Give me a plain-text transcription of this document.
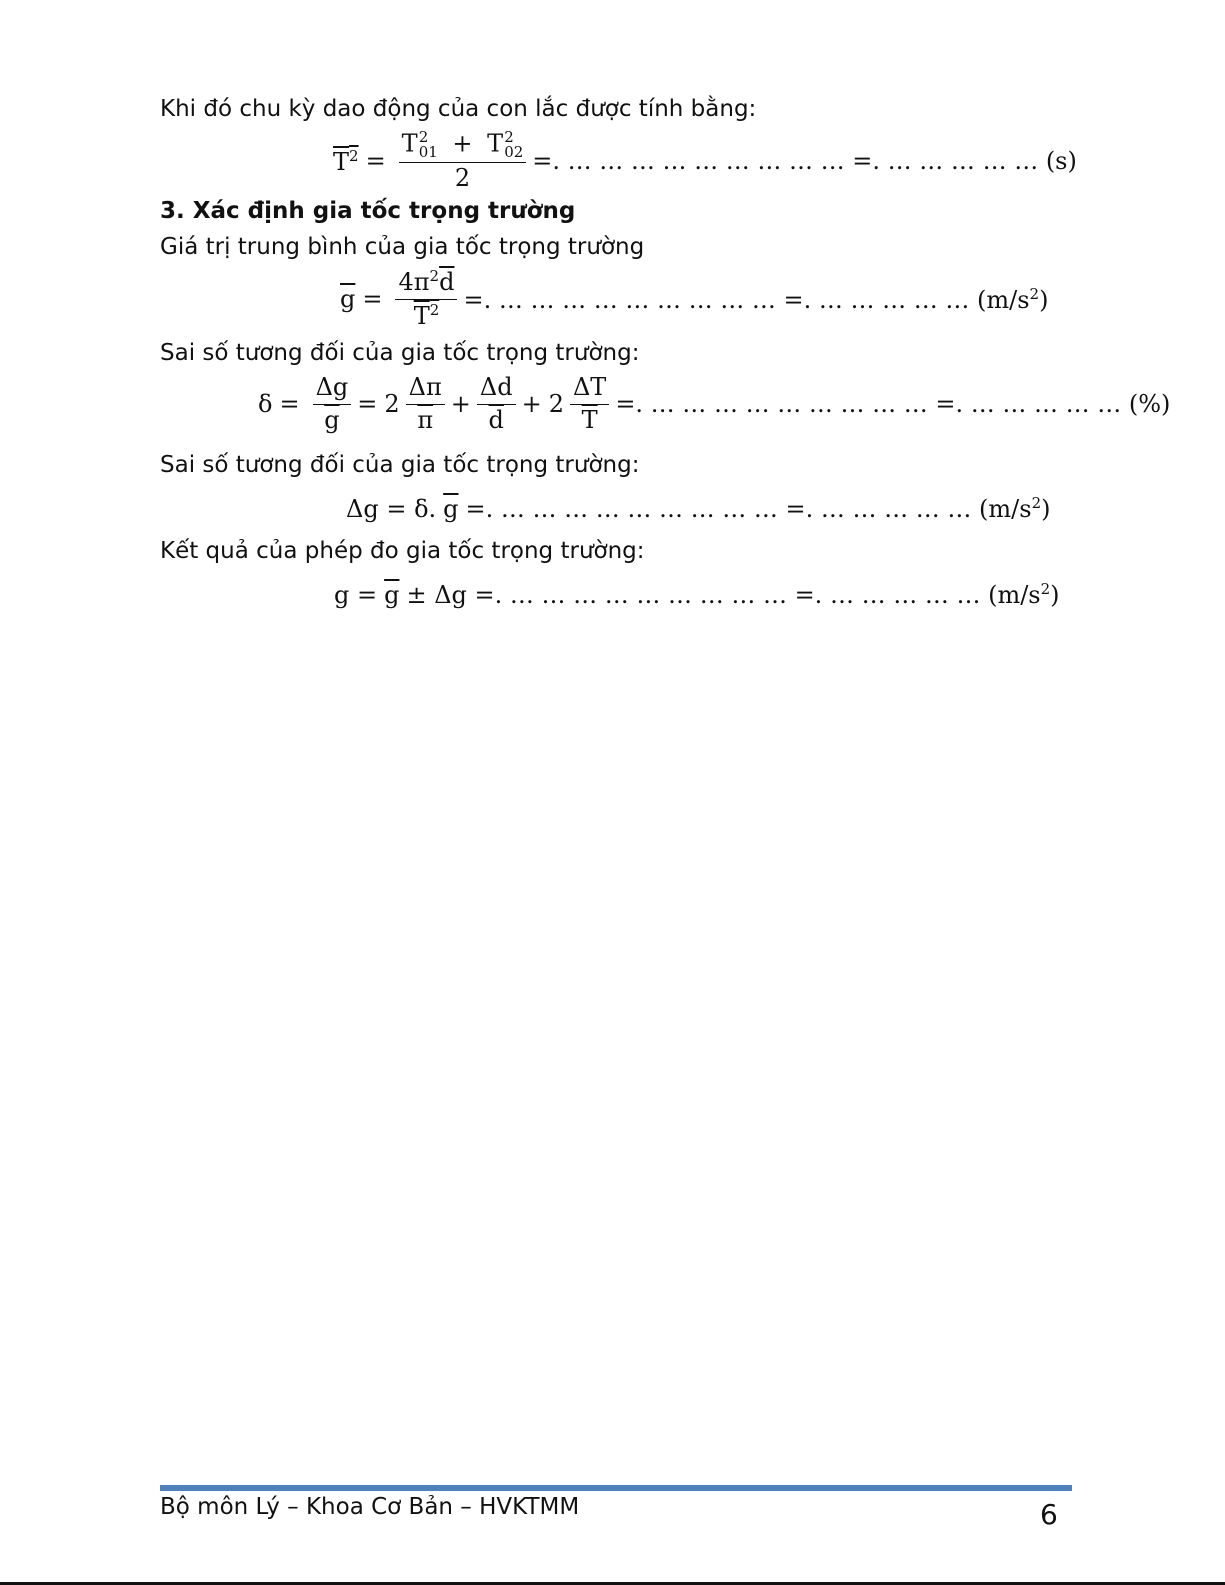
Khi đó chu kỳ dao động của con lắc được tính bằng:
$T^2 = T$ 2
01 + T 2
02
2 =. … … … … … … … … … =. … … … … … (s)
3. Xác định gia tốc trọng trường
Giá trị trung bình của gia tốc trọng trường
$\overline{g} = \frac{4\pi^2\overline{d}}{T^2}$ =. … … … … … … … … … =. … … … … … $(m/s^2)$
Sai số tương đối của gia tốc trọng trường:
$\delta = \frac{\Delta g}{g} = 2 \frac{\Delta\pi}{\pi} + \frac{\Delta d}{d} + 2 \frac{\Delta T}{T}$ =. … … … … … … … … … =. … … … … … (%)
Sai số tương đối của gia tốc trọng trường:
Δg = δ. $\overline{g}$ =. … … … … … … … … … =. … … … … … $(m/s^2)$
Kết quả của phép đo gia tốc trọng trường:
$g = \overline{g} \pm \Delta g$ =. … … … … … … … … … =. … … … … … $(m/s^2)$
Bộ môn Lý – Khoa Cơ Bản – HVKTMM	6
